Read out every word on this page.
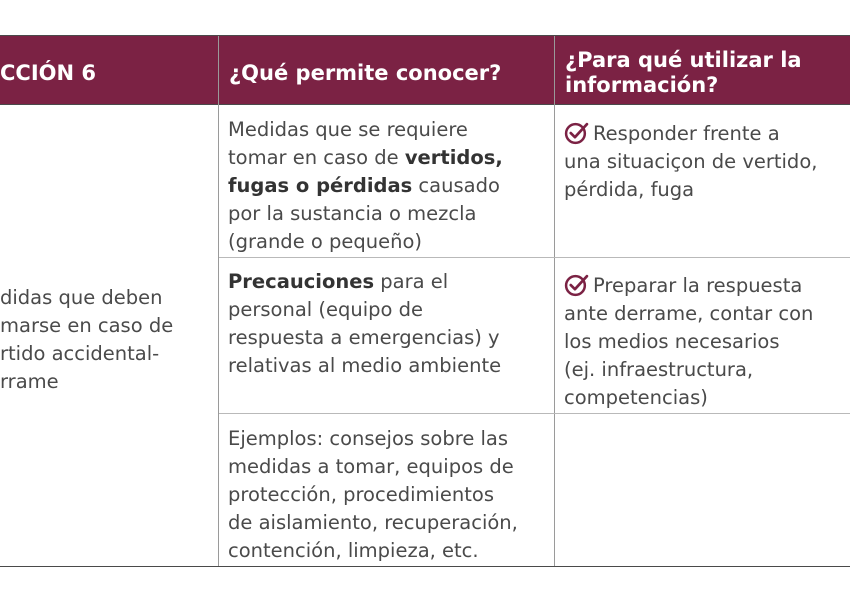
CCIÓN 6	¿Qué permite conocer?
¿Para qué utilizar la
información?
didas que deben
marse en caso de
rtido accidental-
rrame
Medidas que se requiere
tomar en caso de vertidos,
fugas o pérdidas causado
por la sustancia o mezcla
(grande o pequeño)
Responder frente a
una situaciçon de vertido,
pérdida, fuga
Precauciones para el
personal (equipo de
respuesta a emergencias) y
relativas al medio ambiente
Preparar la respuesta
ante derrame, contar con
los medios necesarios
(ej. infraestructura,
competencias)
Ejemplos: consejos sobre las
medidas a tomar, equipos de
protección, procedimientos
de aislamiento, recuperación,
contención, limpieza, etc.
